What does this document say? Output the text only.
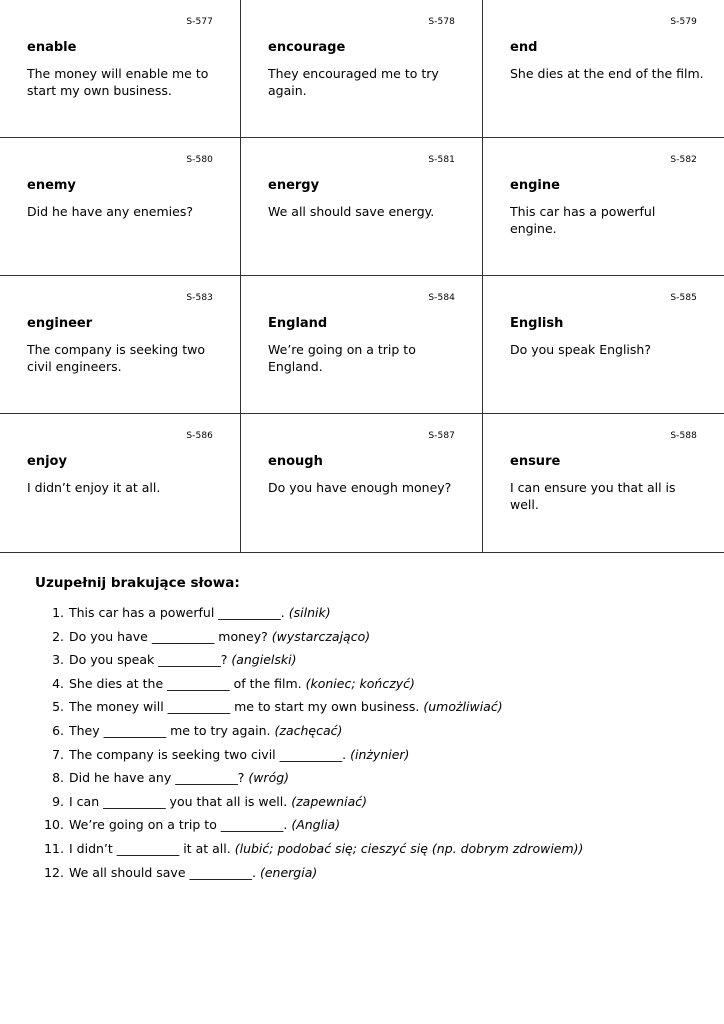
S-577
enable
The money will enable me to start my own business.
S-578
encourage
They encouraged me to try again.
S-579
end
She dies at the end of the film.
S-580
enemy
Did he have any enemies?
S-581
energy
We all should save energy.
S-582
engine
This car has a powerful engine.
S-583
engineer
The company is seeking two civil engineers.
S-584
England
We’re going on a trip to England.
S-585
English
Do you speak English?
S-586
enjoy
I didn’t enjoy it at all.
S-587
enough
Do you have enough money?
S-588
ensure
I can ensure you that all is well.
Uzupełnij brakujące słowa:
1. This car has a powerful __________. (silnik)
2. Do you have __________ money? (wystarczająco)
3. Do you speak __________? (angielski)
4. She dies at the __________ of the film. (koniec; kończyć)
5. The money will __________ me to start my own business. (umożliwiać)
6. They __________ me to try again. (zachęcać)
7. The company is seeking two civil __________. (inżynier)
8. Did he have any __________? (wróg)
9. I can __________ you that all is well. (zapewniać)
10. We’re going on a trip to __________. (Anglia)
11. I didn’t __________ it at all. (lubić; podobać się; cieszyć się (np. dobrym zdrowiem))
12. We all should save __________. (energia)
